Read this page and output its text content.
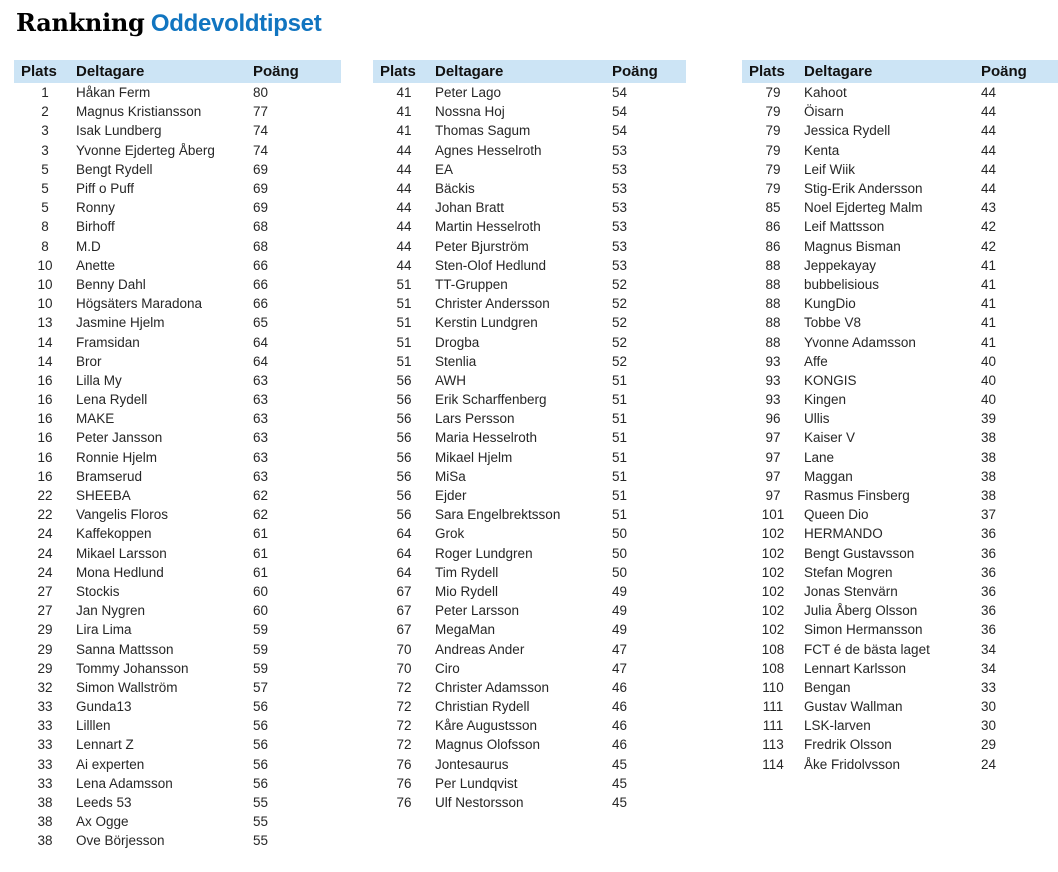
Rankning Oddevoldtipset
Plats	Deltagare	Poäng
1	Håkan Ferm	80
2	Magnus Kristiansson	77
3	Isak Lundberg	74
3	Yvonne Ejderteg Åberg	74
5	Bengt Rydell	69
5	Piff o Puff	69
5	Ronny	69
8	Birhoff	68
8	M.D	68
10	Anette	66
10	Benny Dahl	66
10	Högsäters Maradona	66
13	Jasmine Hjelm	65
14	Framsidan	64
14	Bror	64
16	Lilla My	63
16	Lena Rydell	63
16	MAKE	63
16	Peter Jansson	63
16	Ronnie Hjelm	63
16	Bramserud	63
22	SHEEBA	62
22	Vangelis Floros	62
24	Kaffekoppen	61
24	Mikael Larsson	61
24	Mona Hedlund	61
27	Stockis	60
27	Jan Nygren	60
29	Lira Lima	59
29	Sanna Mattsson	59
29	Tommy Johansson	59
32	Simon Wallström	57
33	Gunda13	56
33	Lilllen	56
33	Lennart Z	56
33	Ai experten	56
33	Lena Adamsson	56
38	Leeds 53	55
38	Ax Ogge	55
38	Ove Börjesson	55
Plats	Deltagare	Poäng
41	Peter Lago	54
41	Nossna Hoj	54
41	Thomas Sagum	54
44	Agnes Hesselroth	53
44	EA	53
44	Bäckis	53
44	Johan Bratt	53
44	Martin Hesselroth	53
44	Peter Bjurström	53
44	Sten-Olof Hedlund	53
51	TT-Gruppen	52
51	Christer Andersson	52
51	Kerstin Lundgren	52
51	Drogba	52
51	Stenlia	52
56	AWH	51
56	Erik Scharffenberg	51
56	Lars Persson	51
56	Maria Hesselroth	51
56	Mikael Hjelm	51
56	MiSa	51
56	Ejder	51
56	Sara Engelbrektsson	51
64	Grok	50
64	Roger Lundgren	50
64	Tim Rydell	50
67	Mio Rydell	49
67	Peter Larsson	49
67	MegaMan	49
70	Andreas Ander	47
70	Ciro	47
72	Christer Adamsson	46
72	Christian Rydell	46
72	Kåre Augustsson	46
72	Magnus Olofsson	46
76	Jontesaurus	45
76	Per Lundqvist	45
76	Ulf Nestorsson	45
Plats	Deltagare	Poäng
79	Kahoot	44
79	Öisarn	44
79	Jessica Rydell	44
79	Kenta	44
79	Leif Wiik	44
79	Stig-Erik Andersson	44
85	Noel Ejderteg Malm	43
86	Leif Mattsson	42
86	Magnus Bisman	42
88	Jeppekayay	41
88	bubbelisious	41
88	KungDio	41
88	Tobbe V8	41
88	Yvonne Adamsson	41
93	Affe	40
93	KONGIS	40
93	Kingen	40
96	Ullis	39
97	Kaiser V	38
97	Lane	38
97	Maggan	38
97	Rasmus Finsberg	38
101	Queen Dio	37
102	HERMANDO	36
102	Bengt Gustavsson	36
102	Stefan Mogren	36
102	Jonas Stenvärn	36
102	Julia Åberg Olsson	36
102	Simon Hermansson	36
108	FCT é de bästa laget	34
108	Lennart Karlsson	34
110	Bengan	33
111	Gustav Wallman	30
111	LSK-larven	30
113	Fredrik Olsson	29
114	Åke Fridolvsson	24
